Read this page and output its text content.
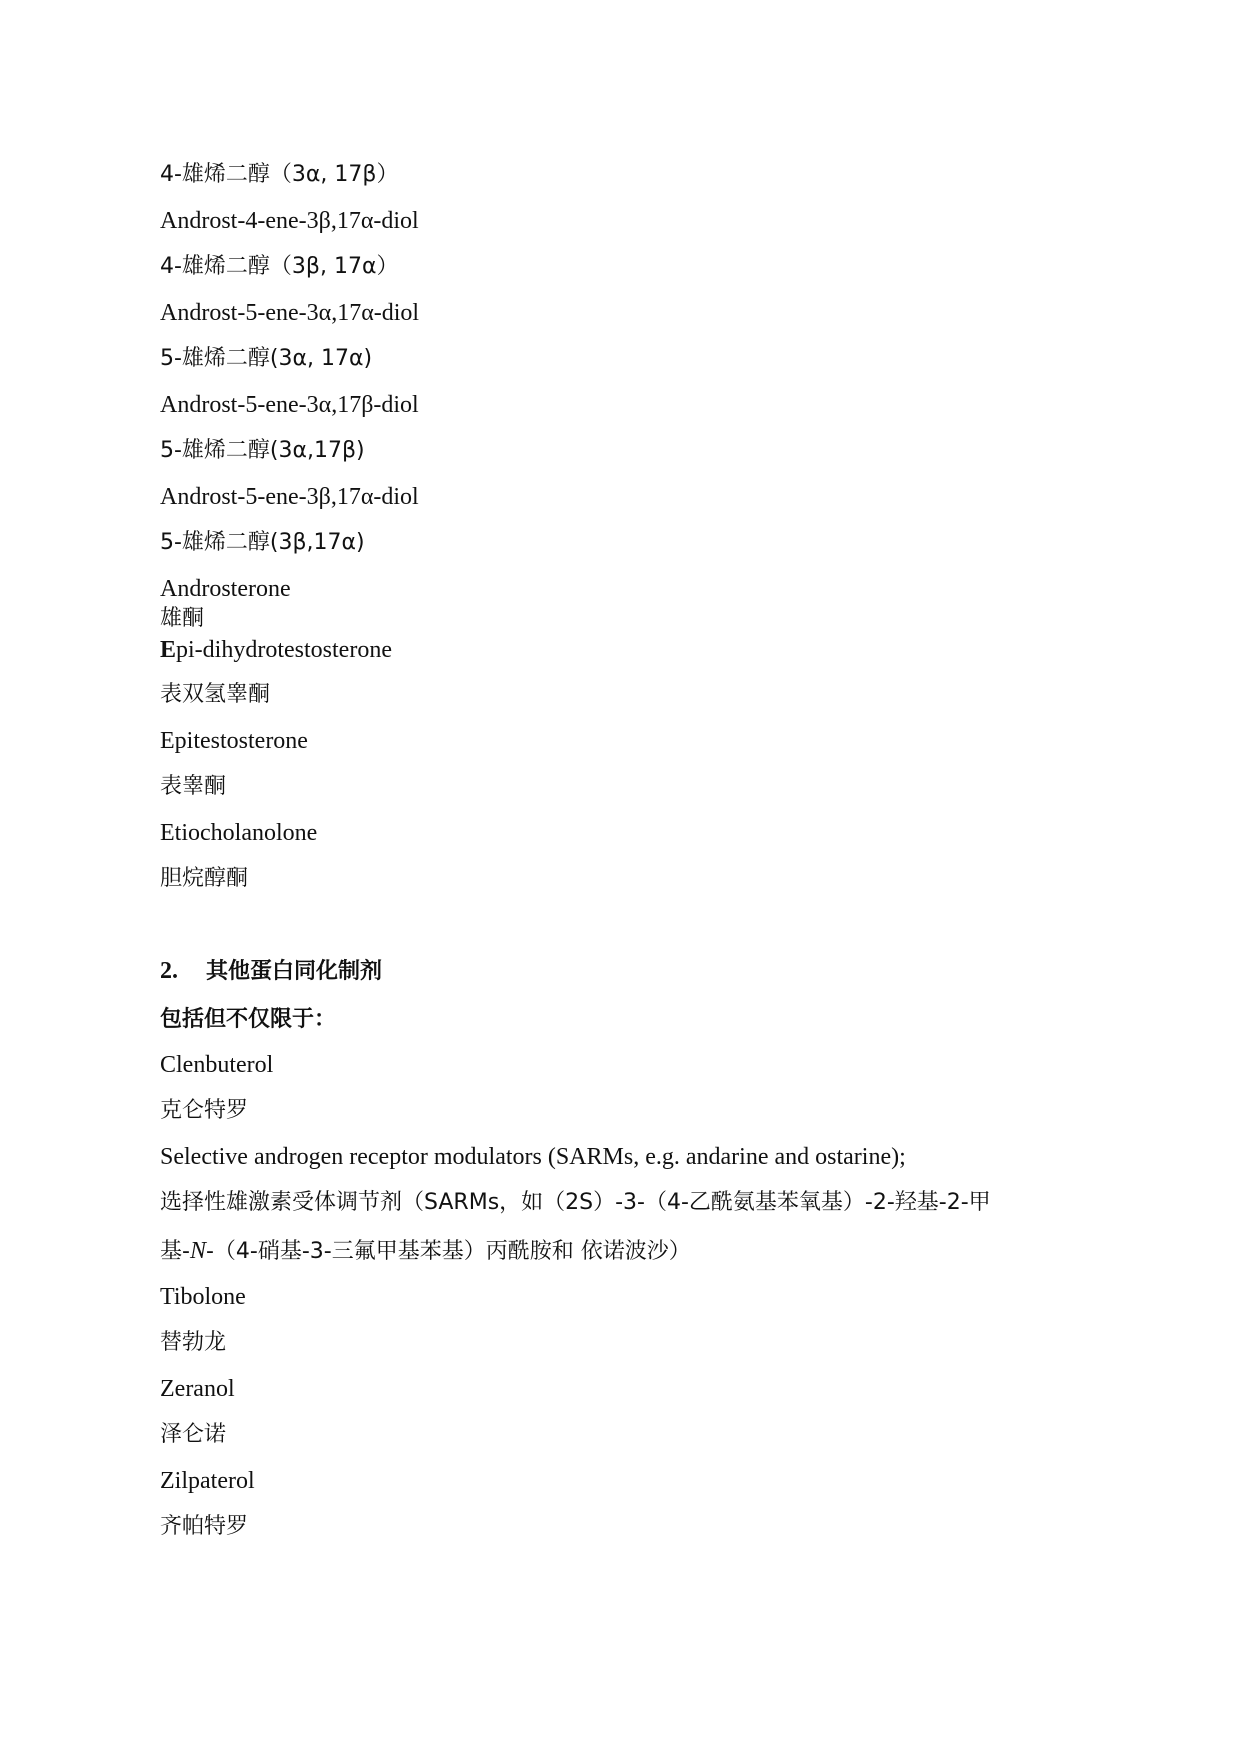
4-雄烯二醇（3α, 17β）
Androst-4-ene-3β,17α-diol
4-雄烯二醇（3β, 17α）
Androst-5-ene-3α,17α-diol
5-雄烯二醇(3α, 17α)
Androst-5-ene-3α,17β-diol
5-雄烯二醇(3α,17β)
Androst-5-ene-3β,17α-diol
5-雄烯二醇(3β,17α)
Androsterone
雄酮
Epi-dihydrotestosterone
表双氢睾酮
Epitestosterone
表睾酮
Etiocholanolone
胆烷醇酮
2. 其他蛋白同化制剂
包括但不仅限于：
Clenbuterol
克仑特罗
Selective androgen receptor modulators (SARMs, e.g. andarine and ostarine);
选择性雄激素受体调节剂（SARMs，如（2S）-3-（4-乙酰氨基苯氧基）-2-羟基-2-甲
基-N-（4-硝基-3-三氟甲基苯基）丙酰胺和 依诺波沙）
Tibolone
替勃龙
Zeranol
泽仑诺
Zilpaterol
齐帕特罗
